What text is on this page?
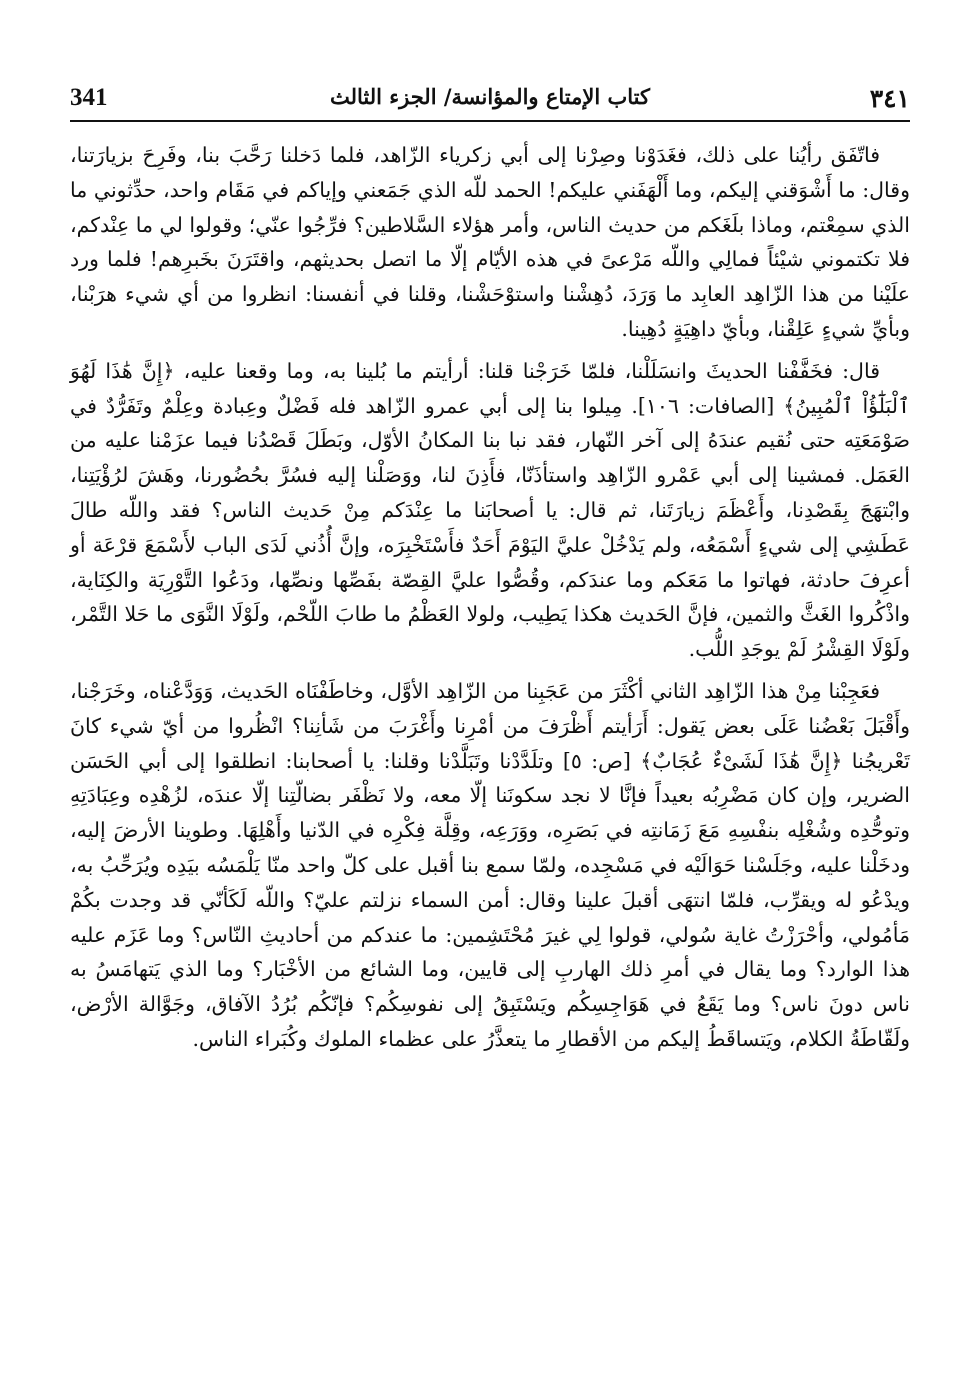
341	كتاب الإمتاع والمؤانسة/ الجزء الثالث	٣٤١

فاتّفَق رأيُنا على ذلك، فغَدَوْنا وصِرْنا إلى أبي زكرياء الزّاهد، فلما دَخلنا رَحَّبَ بنا، وفَرِحَ بزيارَتنا، وقال: ما أَشْوَقني إليكم، وما أَلْهَفَني عليكم! الحمد للّه الذي جَمَعني وإياكم في مَقَام واحد، حدِّثوني ما الذي سمِعْتم، وماذا بلَغَكم من حديث الناس، وأمر هؤلاء السَّلاطين؟ فرِّجُوا عنّي؛ وقولوا لي ما عِنْدكم، فلا تكتموني شيْئاً فمالِي واللّه مَرْعىً في هذه الأيّام إلّا ما اتصل بحديثهم، واقتَرَنَ بخَبرِهم! فلما ورد علَيْنا من هذا الزّاهِد العابِد ما وَرَدَ، دُهِشْنا واستوْحَشْنا، وقلنا في أنفسنا: انظروا من أي شيء هرَبْنا، وبأيِّ شيءٍ عَلِقْنا، وبأيّ داهِيَةٍ دُهِينا.

قال: فخَفَّفْنا الحديثَ وانسَلَلْنا، فلمّا خَرَجْنا قلنا: أرأيتم ما بُلينا به، وما وقعنا عليه، ﴿إِنَّ هَٰذَا لَهُوَ ٱلْبَلَٰٓؤُاْ ٱلْمُبِينُ﴾ [الصافات: ١٠٦]. مِيلوا بنا إلى أبي عمرو الزّاهد فله فَضْلٌ وعِبادة وعِلْمٌ وتَفَرُّدٌ في صَوْمَعَتِه حتى نُقيم عندَهُ إلى آخر النّهار، فقد نبا بنا المكانُ الأوّل، وبَطَلَ قَصْدُنا فيما عزَمْنا عليه من العَمَل. فمشينا إلى أبي عَمْرو الزّاهِد واستأذَنّا، فأَذِنَ لنا، ووَصَلْنا إليه فسُرَّ بحُضُورنا، وهَشَ لرُؤْيَتِنا، وابْتهَجَ بِقَصْدِنا، وأَعْظَمَ زيارَتَنا، ثم قال: يا أصحابَنا ما عِنْدَكم مِنْ حَديث الناس؟ فقد واللّه طالَ عَطَشِي إلى شيءٍ أَسْمَعُه، ولم يَدْخُلْ عليَّ اليَوْمَ أَحَدٌ فأَسْتَخْبِرَه، وإنَّ أُذُني لَدَى الباب لأَسْمَعَ قرْعَة أو أعرِفَ حادثة، فهاتوا ما مَعَكم وما عندَكم، وقُصُّوا عليَّ القِصّة بفَصِّها ونصِّها، ودَعُوا التَّوْرِيَة والكِنَاية، واذْكُروا الغَثَّ والثمين، فإنَّ الحَديث هكذا يَطِيب، ولولا العَظْمُ ما طابَ اللّحْم، ولَوْلَا النَّوَى ما حَلا التَّمْر، ولَوْلَا القِشْرُ لَمْ يوجَدِ اللُّب.

فعَجِبْنا مِنْ هذا الزّاهِد الثاني أكْثَرَ من عَجَبِنا من الزّاهِد الأوَّل، وخاطَفْنَاه الحَديث، وَوَدَّعْناه، وخَرَجْنا، وأَقْبَلَ بَعْضُنا عَلَى بعض يَقول: أَرَأيتم أَظْرَفَ من أمْرِنا وأَغْرَبَ من شَأنِنا؟ انْظُروا من أيّ شيء كانَ تَعْريجُنا ﴿إِنَّ هَٰذَا لَشَىْءٌ عُجَابٌ﴾ [ص: ٥] وتلَدَّدْنا وتَبَلَّدْنا وقلنا: يا أصحابنا: انطلقوا إلى أبي الحَسَن الضرير، وإن كان مَضْرِبُه بعيداً فإنَّا لا نجد سكونَنا إلّا معه، ولا نَظْفَر بضالّتِنا إلّا عندَه، لزُهْدِه وعِبَادَتِهِ وتوحُّدِه وشُغْلِه بنفْسِهِ مَعَ زَمَانتِه في بَصَرِه، ووَرَعِه، وقِلَّة فِكْرِه في الدّنيا وأَهْلِهَا. وطوينا الأرضَ إليه، ودخَلْنا عليه، وجَلَسْنا حَوَالَيْه في مَسْجِده، ولمّا سمع بنا أقبل على كلّ واحد منّا يَلْمَسُه بيَدِه ويُرَحِّبُ به، ويدْعُو له ويقرِّب، فلمّا انتهَى أقبلَ علينا وقال: أمن السماء نزلتم عليّ؟ واللّه لَكَأنّي قد وجدت بكُمْ مَأمُولي، وأحْرَزْتُ غاية سُولي، قولوا لِي غيرَ مُحْتَشِمين: ما عندكم من أحاديثِ النّاس؟ وما عَزَم عليه هذا الوارد؟ وما يقال في أمرِ ذلك الهاربِ إلى قايين، وما الشائع من الأخْبَار؟ وما الذي يَتهامَسُ به ناس دونَ ناس؟ وما يَقَعُ في هَوَاجِسِكُم ويَسْتَبِقُ إلى نفوسِكُم؟ فإنّكُم بُرُدُ الآفاق، وجَوَّالة الأرْض، ولَقّاطَةُ الكلام، ويَتساقَطُ إليكم من الأقطارِ ما يتعذَّرُ على عظماء الملوك وكُبَراء الناس.
